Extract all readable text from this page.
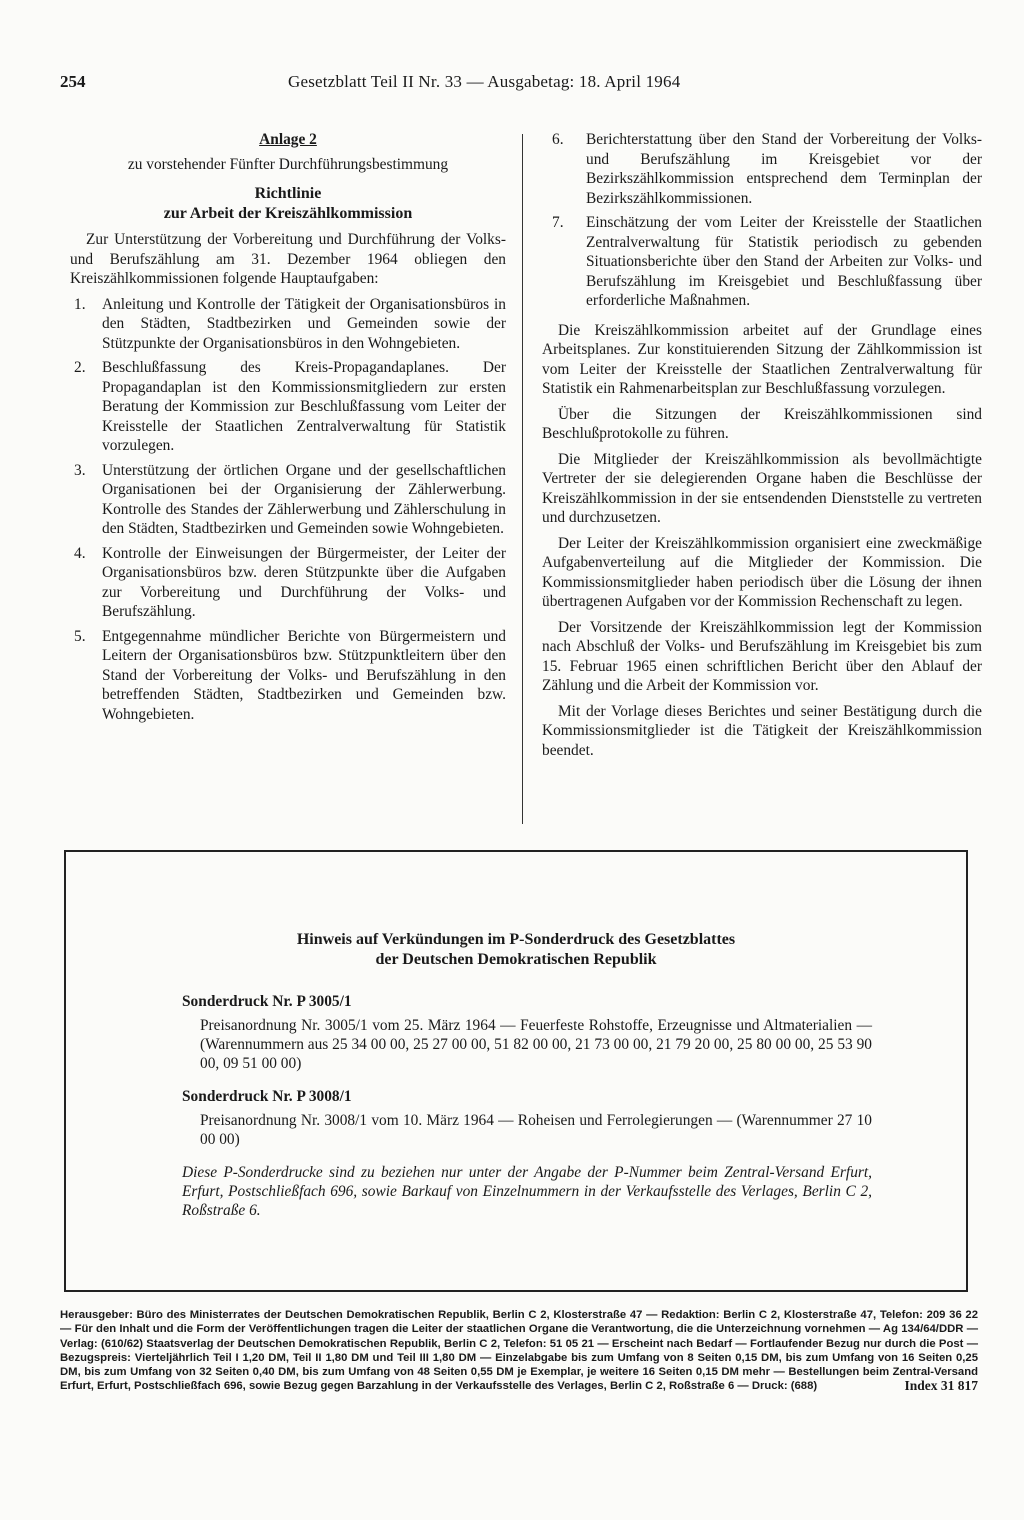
254	Gesetzblatt Teil II Nr. 33 — Ausgabetag: 18. April 1964

Anlage 2

zu vorstehender Fünfter Durchführungsbestimmung

Richtlinie
zur Arbeit der Kreiszählkommission

Zur Unterstützung der Vorbereitung und Durchführung der Volks- und Berufszählung am 31. Dezember 1964 obliegen den Kreiszählkommissionen folgende Hauptaufgaben:

1.	Anleitung und Kontrolle der Tätigkeit der Organisationsbüros in den Städten, Stadtbezirken und Gemeinden sowie der Stützpunkte der Organisationsbüros in den Wohngebieten.
2.	Beschlußfassung des Kreis-Propagandaplanes. Der Propagandaplan ist den Kommissionsmitgliedern zur ersten Beratung der Kommission zur Beschlußfassung vom Leiter der Kreisstelle der Staatlichen Zentralverwaltung für Statistik vorzulegen.
3.	Unterstützung der örtlichen Organe und der gesellschaftlichen Organisationen bei der Organisierung der Zählerwerbung. Kontrolle des Standes der Zählerwerbung und Zählerschulung in den Städten, Stadtbezirken und Gemeinden sowie Wohngebieten.
4.	Kontrolle der Einweisungen der Bürgermeister, der Leiter der Organisationsbüros bzw. deren Stützpunkte über die Aufgaben zur Vorbereitung und Durchführung der Volks- und Berufszählung.
5.	Entgegennahme mündlicher Berichte von Bürgermeistern und Leitern der Organisationsbüros bzw. Stützpunktleitern über den Stand der Vorbereitung der Volks- und Berufszählung in den betreffenden Städten, Stadtbezirken und Gemeinden bzw. Wohngebieten.
6.	Berichterstattung über den Stand der Vorbereitung der Volks- und Berufszählung im Kreisgebiet vor der Bezirkszählkommission entsprechend dem Terminplan der Bezirkszählkommissionen.
7.	Einschätzung der vom Leiter der Kreisstelle der Staatlichen Zentralverwaltung für Statistik periodisch zu gebenden Situationsberichte über den Stand der Arbeiten zur Volks- und Berufszählung im Kreisgebiet und Beschlußfassung über erforderliche Maßnahmen.

Die Kreiszählkommission arbeitet auf der Grundlage eines Arbeitsplanes. Zur konstituierenden Sitzung der Zählkommission ist vom Leiter der Kreisstelle der Staatlichen Zentralverwaltung für Statistik ein Rahmenarbeitsplan zur Beschlußfassung vorzulegen.

Über die Sitzungen der Kreiszählkommissionen sind Beschlußprotokolle zu führen.

Die Mitglieder der Kreiszählkommission als bevollmächtigte Vertreter der sie delegierenden Organe haben die Beschlüsse der Kreiszählkommission in der sie entsendenden Dienststelle zu vertreten und durchzusetzen.

Der Leiter der Kreiszählkommission organisiert eine zweckmäßige Aufgabenverteilung auf die Mitglieder der Kommission. Die Kommissionsmitglieder haben periodisch über die Lösung der ihnen übertragenen Aufgaben vor der Kommission Rechenschaft zu legen.

Der Vorsitzende der Kreiszählkommission legt der Kommission nach Abschluß der Volks- und Berufszählung im Kreisgebiet bis zum 15. Februar 1965 einen schriftlichen Bericht über den Ablauf der Zählung und die Arbeit der Kommission vor.

Mit der Vorlage dieses Berichtes und seiner Bestätigung durch die Kommissionsmitglieder ist die Tätigkeit der Kreiszählkommission beendet.

Hinweis auf Verkündungen im P-Sonderdruck des Gesetzblattes
der Deutschen Demokratischen Republik

Sonderdruck Nr. P 3005/1

Preisanordnung Nr. 3005/1 vom 25. März 1964 — Feuerfeste Rohstoffe, Erzeugnisse und Altmaterialien — (Warennummern aus 25 34 00 00, 25 27 00 00, 51 82 00 00, 21 73 00 00, 21 79 20 00, 25 80 00 00, 25 53 90 00, 09 51 00 00)

Sonderdruck Nr. P 3008/1

Preisanordnung Nr. 3008/1 vom 10. März 1964 — Roheisen und Ferrolegierungen — (Warennummer 27 10 00 00)

Diese P-Sonderdrucke sind zu beziehen nur unter der Angabe der P-Nummer beim Zentral-Versand Erfurt, Erfurt, Postschließfach 696, sowie Barkauf von Einzelnummern in der Verkaufsstelle des Verlages, Berlin C 2, Roßstraße 6.

Herausgeber: Büro des Ministerrates der Deutschen Demokratischen Republik, Berlin C 2, Klosterstraße 47 — Redaktion: Berlin C 2, Klosterstraße 47, Telefon: 209 36 22 — Für den Inhalt und die Form der Veröffentlichungen tragen die Leiter der staatlichen Organe die Verantwortung, die die Unterzeichnung vornehmen — Ag 134/64/DDR — Verlag: (610/62) Staatsverlag der Deutschen Demokratischen Republik, Berlin C 2, Telefon: 51 05 21 — Erscheint nach Bedarf — Fortlaufender Bezug nur durch die Post — Bezugspreis: Vierteljährlich Teil I 1,20 DM, Teil II 1,80 DM und Teil III 1,80 DM — Einzelabgabe bis zum Umfang von 8 Seiten 0,15 DM, bis zum Umfang von 16 Seiten 0,25 DM, bis zum Umfang von 32 Seiten 0,40 DM, bis zum Umfang von 48 Seiten 0,55 DM je Exemplar, je weitere 16 Seiten 0,15 DM mehr — Bestellungen beim Zentral-Versand Erfurt, Erfurt, Postschließfach 696, sowie Bezug gegen Barzahlung in der Verkaufsstelle des Verlages, Berlin C 2, Roßstraße 6 — Druck: (688)	Index 31 817
